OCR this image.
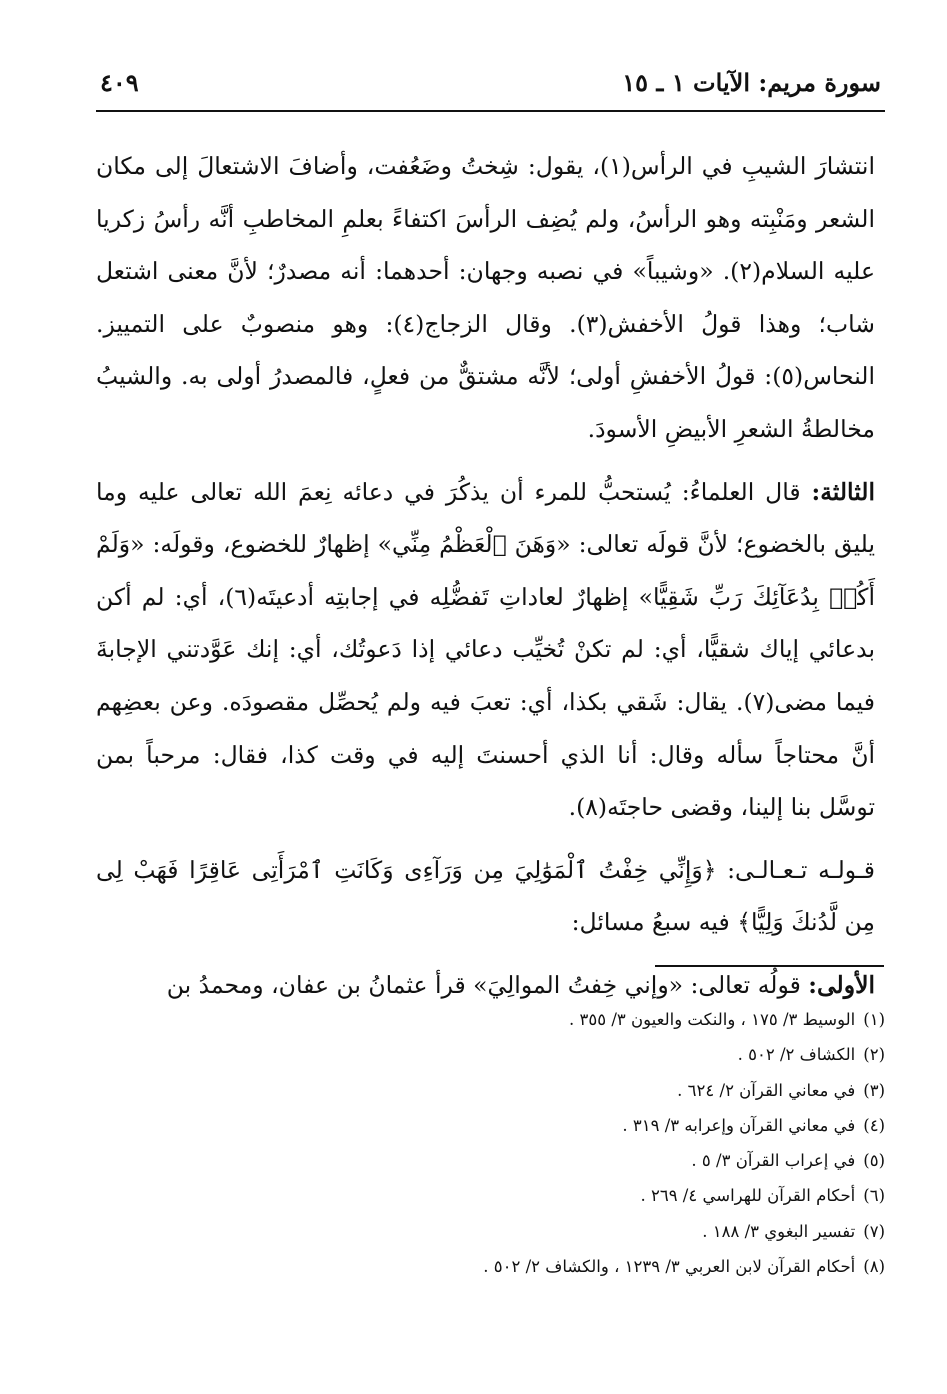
سورة مريم: الآيات ١ ـ ١٥
٤٠٩

انتشارَ الشيبِ في الرأس(١)، يقول: شِختُ وضَعُفت، وأضافَ الاشتعالَ إلى مكان الشعر ومَنْبِته وهو الرأسُ، ولم يُضِف الرأسَ اكتفاءً بعلمِ المخاطبِ أنَّه رأسُ زكريا عليه السلام(٢). «وشيباً» في نصبه وجهان: أحدهما: أنه مصدرٌ؛ لأنَّ معنى اشتعل شاب؛ وهذا قولُ الأخفش(٣). وقال الزجاج(٤): وهو منصوبٌ على التمييز. النحاس(٥): قولُ الأخفشِ أولى؛ لأنَّه مشتقٌّ من فعلٍ، فالمصدرُ أولى به. والشيبُ مخالطةُ الشعرِ الأبيضِ الأسودَ.

الثالثة: قال العلماءُ: يُستحبُّ للمرء أن يذكُرَ في دعائه نِعمَ الله تعالى عليه وما يليق بالخضوع؛ لأنَّ قولَه تعالى: «وَهَنَ ٱلْعَظْمُ مِنِّي» إظهارٌ للخضوع، وقولَه: «وَلَمْ أَكُنۢ بِدُعَآئِكَ رَبِّ شَقِيًّا» إظهارٌ لعاداتِ تَفضُّلِه في إجابتِه أدعيتَه(٦)، أي: لم أكن بدعائي إياك شقيًّا، أي: لم تكنْ تُخيِّب دعائي إذا دَعوتُك، أي: إنك عَوَّدتني الإجابةَ فيما مضى(٧). يقال: شَقي بكذا، أي: تعبَ فيه ولم يُحصِّل مقصودَه. وعن بعضِهم أنَّ محتاجاً سأله وقال: أنا الذي أحسنتَ إليه في وقت كذا، فقال: مرحباً بمن توسَّل بنا إلينا، وقضى حاجتَه(٨).

قـولـه تـعـالـى: ﴿وَإِنِّي خِفْتُ ٱلْمَوَٰلِيَ مِن وَرَآءِى وَكَانَتِ ٱمْرَأَتِى عَاقِرًا فَهَبْ لِى مِن لَّدُنكَ وَلِيًّا﴾ فيه سبعُ مسائل:

الأولى: قولُه تعالى: «وإني خِفتُ الموالِيَ» قرأ عثمانُ بن عفان، ومحمدُ بن

(١)الوسيط ٣/ ١٧٥ ، والنكت والعيون ٣/ ٣٥٥ .
(٢)الكشاف ٢/ ٥٠٢ .
(٣)في معاني القرآن ٢/ ٦٢٤ .
(٤)في معاني القرآن وإعرابه ٣/ ٣١٩ .
(٥)في إعراب القرآن ٣/ ٥ .
(٦)أحكام القرآن للهراسي ٤/ ٢٦٩ .
(٧)تفسير البغوي ٣/ ١٨٨ .
(٨)أحكام القرآن لابن العربي ٣/ ١٢٣٩ ، والكشاف ٢/ ٥٠٢ .
